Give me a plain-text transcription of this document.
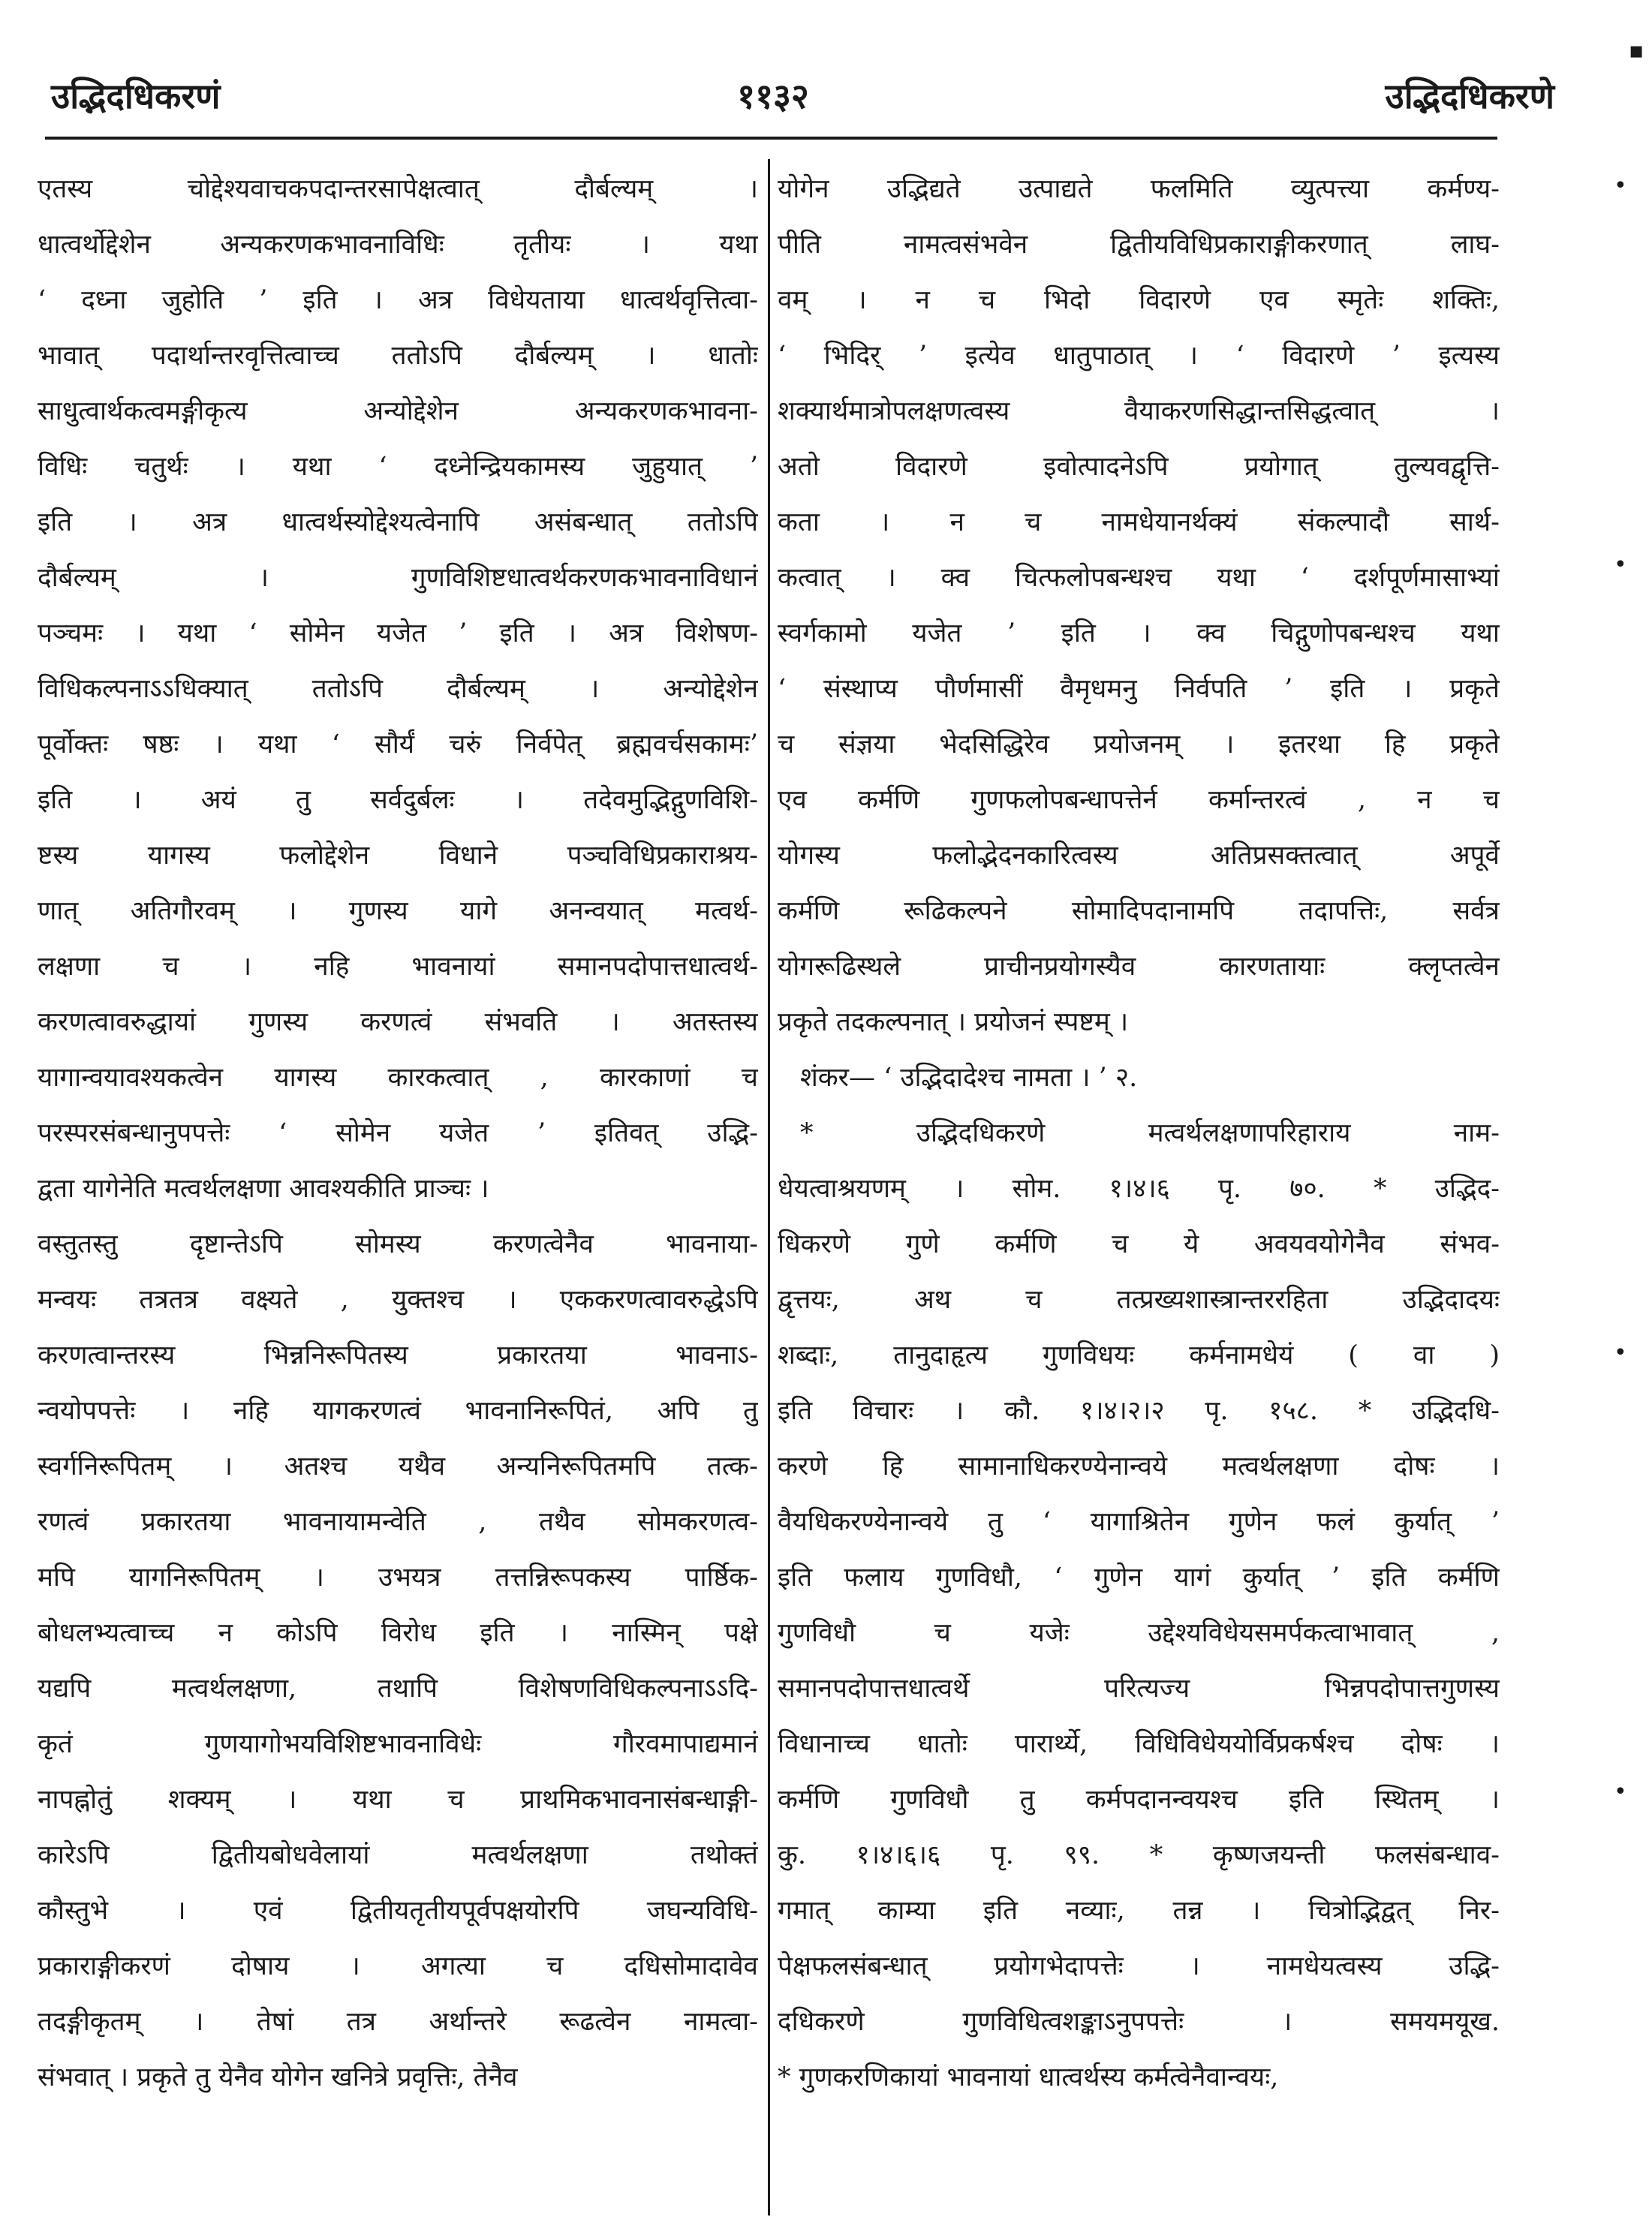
उद्भिदधिकरणं	११३२	उद्भिदधिकरणे
एतस्य चोद्देश्यवाचकपदान्तरसापेक्षत्वात् दौर्बल्यम् ।
धात्वर्थोद्देशेन अन्यकरणकभावनाविधिः तृतीयः । यथा
‘ दध्ना जुहोति ’ इति । अत्र विधेयताया धात्वर्थवृत्तित्वा-
भावात् पदार्थान्तरवृत्तित्वाच्च ततोऽपि दौर्बल्यम् । धातोः
साधुत्वार्थकत्वमङ्गीकृत्य अन्योद्देशेन अन्यकरणकभावना-
विधिः चतुर्थः । यथा ‘ दध्नेन्द्रियकामस्य जुहुयात् ’
इति । अत्र धात्वर्थस्योद्देश्यत्वेनापि असंबन्धात् ततोऽपि
दौर्बल्यम् । गुणविशिष्टधात्वर्थकरणकभावनाविधानं
पञ्चमः । यथा ‘ सोमेन यजेत ’ इति । अत्र विशेषण-
विधिकल्पनाऽऽधिक्यात् ततोऽपि दौर्बल्यम् । अन्योद्देशेन
पूर्वोक्तः षष्ठः । यथा ‘ सौर्यं चरुं निर्वपेत् ब्रह्मवर्चसकामः’
इति । अयं तु सर्वदुर्बलः । तदेवमुद्भिद्गुणविशि-
ष्टस्य यागस्य फलोद्देशेन विधाने पञ्चविधिप्रकाराश्रय-
णात् अतिगौरवम् । गुणस्य यागे अनन्वयात् मत्वर्थ-
लक्षणा च । नहि भावनायां समानपदोपात्तधात्वर्थ-
करणत्वावरुद्धायां गुणस्य करणत्वं संभवति । अतस्तस्य
यागान्वयावश्यकत्वेन यागस्य कारकत्वात् , कारकाणां च
परस्परसंबन्धानुपपत्तेः ‘ सोमेन यजेत ’ इतिवत् उद्भि-
द्वता यागेनेति मत्वर्थलक्षणा आवश्यकीति प्राञ्चः ।
वस्तुतस्तु दृष्टान्तेऽपि सोमस्य करणत्वेनैव भावनाया-
मन्वयः तत्रतत्र वक्ष्यते , युक्तश्च । एककरणत्वावरुद्धेऽपि
करणत्वान्तरस्य भिन्ननिरूपितस्य प्रकारतया भावनाऽ-
न्वयोपपत्तेः । नहि यागकरणत्वं भावनानिरूपितं, अपि तु
स्वर्गनिरूपितम् । अतश्च यथैव अन्यनिरूपितमपि तत्क-
रणत्वं प्रकारतया भावनायामन्वेति , तथैव सोमकरणत्व-
मपि यागनिरूपितम् । उभयत्र तत्तन्निरूपकस्य पार्ष्ठिक-
बोधलभ्यत्वाच्च न कोऽपि विरोध इति । नास्मिन् पक्षे
यद्यपि मत्वर्थलक्षणा, तथापि विशेषणविधिकल्पनाऽऽदि-
कृतं गुणयागोभयविशिष्टभावनाविधेः गौरवमापाद्यमानं
नापह्नोतुं शक्यम् । यथा च प्राथमिकभावनासंबन्धाङ्गी-
कारेऽपि द्वितीयबोधवेलायां मत्वर्थलक्षणा तथोक्तं
कौस्तुभे । एवं द्वितीयतृतीयपूर्वपक्षयोरपि जघन्यविधि-
प्रकाराङ्गीकरणं दोषाय । अगत्या च दधिसोमादावेव
तदङ्गीकृतम् । तेषां तत्र अर्थान्तरे रूढत्वेन नामत्वा-
संभवात् । प्रकृते तु येनैव योगेन खनित्रे प्रवृत्तिः, तेनैव
योगेन उद्भिद्यते उत्पाद्यते फलमिति व्युत्पत्त्या कर्मण्य-
पीति नामत्वसंभवेन द्वितीयविधिप्रकाराङ्गीकरणात् लाघ-
वम् । न च भिदो विदारणे एव स्मृतेः शक्तिः,
‘ भिदिर् ’ इत्येव धातुपाठात् । ‘ विदारणे ’ इत्यस्य
शक्यार्थमात्रोपलक्षणत्वस्य वैयाकरणसिद्धान्तसिद्धत्वात् ।
अतो विदारणे इवोत्पादनेऽपि प्रयोगात् तुल्यवद्वृत्ति-
कता । न च नामधेयानर्थक्यं संकल्पादौ सार्थ-
कत्वात् । क्व चित्फलोपबन्धश्च यथा ‘ दर्शपूर्णमासाभ्यां
स्वर्गकामो यजेत ’ इति । क्व चिद्गुणोपबन्धश्च यथा
‘ संस्थाप्य पौर्णमासीं वैमृधमनु निर्वपति ’ इति । प्रकृते
च संज्ञया भेदसिद्धिरेव प्रयोजनम् । इतरथा हि प्रकृते
एव कर्मणि गुणफलोपबन्धापत्तेर्न कर्मान्तरत्वं , न च
योगस्य फलोद्भेदनकारित्वस्य अतिप्रसक्तत्वात् अपूर्वे
कर्मणि रूढिकल्पने सोमादिपदानामपि तदापत्तिः, सर्वत्र
योगरूढिस्थले प्राचीनप्रयोगस्यैव कारणतायाः क्लृप्तत्वेन
प्रकृते तदकल्पनात् । प्रयोजनं स्पष्टम् ।
शंकर— ‘ उद्भिदादेश्च नामता । ’ २.
* उद्भिदधिकरणे मत्वर्थलक्षणापरिहाराय नाम-
धेयत्वाश्रयणम् । सोम. १।४।६ पृ. ७०. * उद्भिद-
धिकरणे गुणे कर्मणि च ये अवयवयोगेनैव संभव-
द्वृत्तयः, अथ च तत्प्रख्यशास्त्रान्तररहिता उद्भिदादयः
शब्दाः, तानुदाहृत्य गुणविधयः कर्मनामधेयं ( वा )
इति विचारः । कौ. १।४।२।२ पृ. १५८. * उद्भिदधि-
करणे हि सामानाधिकरण्येनान्वये मत्वर्थलक्षणा दोषः ।
वैयधिकरण्येनान्वये तु ‘ यागाश्रितेन गुणेन फलं कुर्यात् ’
इति फलाय गुणविधौ, ‘ गुणेन यागं कुर्यात् ’ इति कर्मणि
गुणविधौ च यजेः उद्देश्यविधेयसमर्पकत्वाभावात् ,
समानपदोपात्तधात्वर्थे परित्यज्य भिन्नपदोपात्तगुणस्य
विधानाच्च धातोः पारार्थ्ये, विधिविधेययोर्विप्रकर्षश्च दोषः ।
कर्मणि गुणविधौ तु कर्मपदानन्वयश्च इति स्थितम् ।
कु. १।४।६।६ पृ. ९९. * कृष्णजयन्ती फलसंबन्धाव-
गमात् काम्या इति नव्याः, तन्न । चित्रोद्भिद्वत् निर-
पेक्षफलसंबन्धात् प्रयोगभेदापत्तेः । नामधेयत्वस्य उद्भि-
दधिकरणे गुणविधित्वशङ्काऽनुपपत्तेः । समयमयूख.
* गुणकरणिकायां भावनायां धात्वर्थस्य कर्मत्वेनैवान्वयः,
▪
•
•
•
•
